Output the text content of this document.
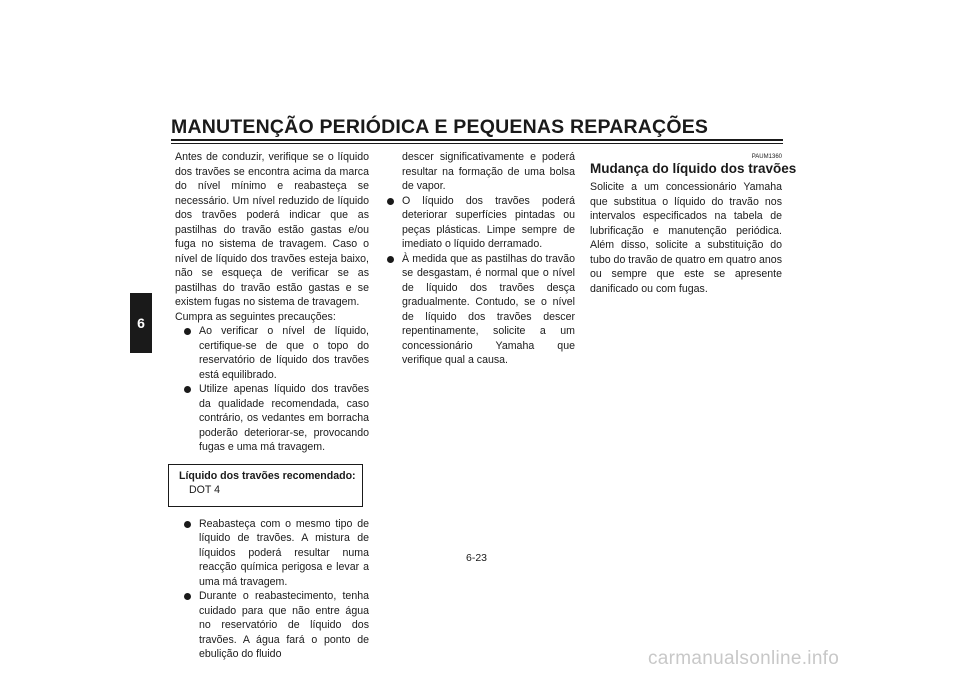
MANUTENÇÃO PERIÓDICA E PEQUENAS REPARAÇÕES
6

Antes de conduzir, verifique se o líquido dos travões se encontra acima da marca do nível mínimo e reabasteça se necessário. Um nível reduzido de líquido dos travões poderá indicar que as pastilhas do travão estão gastas e/ou fuga no sistema de travagem. Caso o nível de líquido dos travões esteja baixo, não se esqueça de verificar se as pastilhas do travão estão gastas e se existem fugas no sistema de travagem.

Cumpra as seguintes precauções:

Ao verificar o nível de líquido, certifique-se de que o topo do reservatório de líquido dos travões está equilibrado.
Utilize apenas líquido dos travões da qualidade recomendada, caso contrário, os vedantes em borracha poderão deteriorar-se, provocando fugas e uma má travagem.
Líquido dos travões recomendado:
DOT 4
Reabasteça com o mesmo tipo de líquido de travões. A mistura de líquidos poderá resultar numa reacção química perigosa e levar a uma má travagem.
Durante o reabastecimento, tenha cuidado para que não entre água no reservatório de líquido dos travões. A água fará o ponto de ebulição do fluido

descer significativamente e poderá resultar na formação de uma bolsa de vapor.

O líquido dos travões poderá deteriorar superfícies pintadas ou peças plásticas. Limpe sempre de imediato o líquido derramado.
À medida que as pastilhas do travão se desgastam, é normal que o nível de líquido dos travões desça gradualmente. Contudo, se o nível de líquido dos travões descer repentinamente, solicite a um concessionário Yamaha que verifique qual a causa.
PAUM1360
Mudança do líquido dos travões

Solicite a um concessionário Yamaha que substitua o líquido do travão nos intervalos especificados na tabela de lubrificação e manutenção periódica. Além disso, solicite a substituição do tubo do travão de quatro em quatro anos ou sempre que este se apresente danificado ou com fugas.

6-23
carmanualsonline.info
